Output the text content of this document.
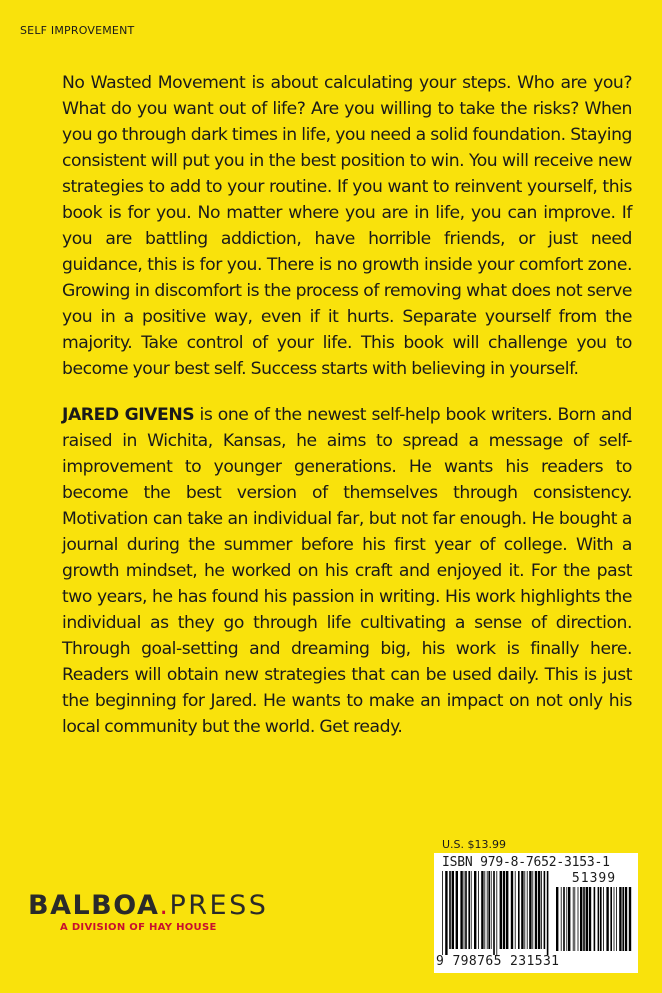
SELF IMPROVEMENT

No Wasted Movement is about calculating your steps. Who are you? What do you want out of life? Are you willing to take the risks? When you go through dark times in life, you need a solid foundation. Staying consistent will put you in the best position to win. You will receive new strategies to add to your routine. If you want to reinvent yourself, this book is for you. No matter where you are in life, you can improve. If you are battling addiction, have horrible friends, or just need guidance, this is for you. There is no growth inside your comfort zone. Growing in discomfort is the process of removing what does not serve you in a positive way, even if it hurts. Separate yourself from the majority. Take control of your life. This book will challenge you to become your best self. Success starts with believing in yourself.

JARED GIVENS is one of the newest self-help book writers. Born and raised in Wichita, Kansas, he aims to spread a message of self-improvement to younger generations. He wants his readers to become the best version of themselves through consistency. Motivation can take an individual far, but not far enough. He bought a journal during the summer before his first year of college. With a growth mindset, he worked on his craft and enjoyed it. For the past two years, he has found his passion in writing. His work highlights the individual as they go through life cultivating a sense of direction. Through goal-setting and dreaming big, his work is finally here. Readers will obtain new strategies that can be used daily. This is just the beginning for Jared. He wants to make an impact on not only his local community but the world. Get ready.

U.S. $13.99
ISBN 979-8-7652-3153-1
51399
9 798765 231531
BALBOA.PRESS
A DIVISION OF HAY HOUSE
